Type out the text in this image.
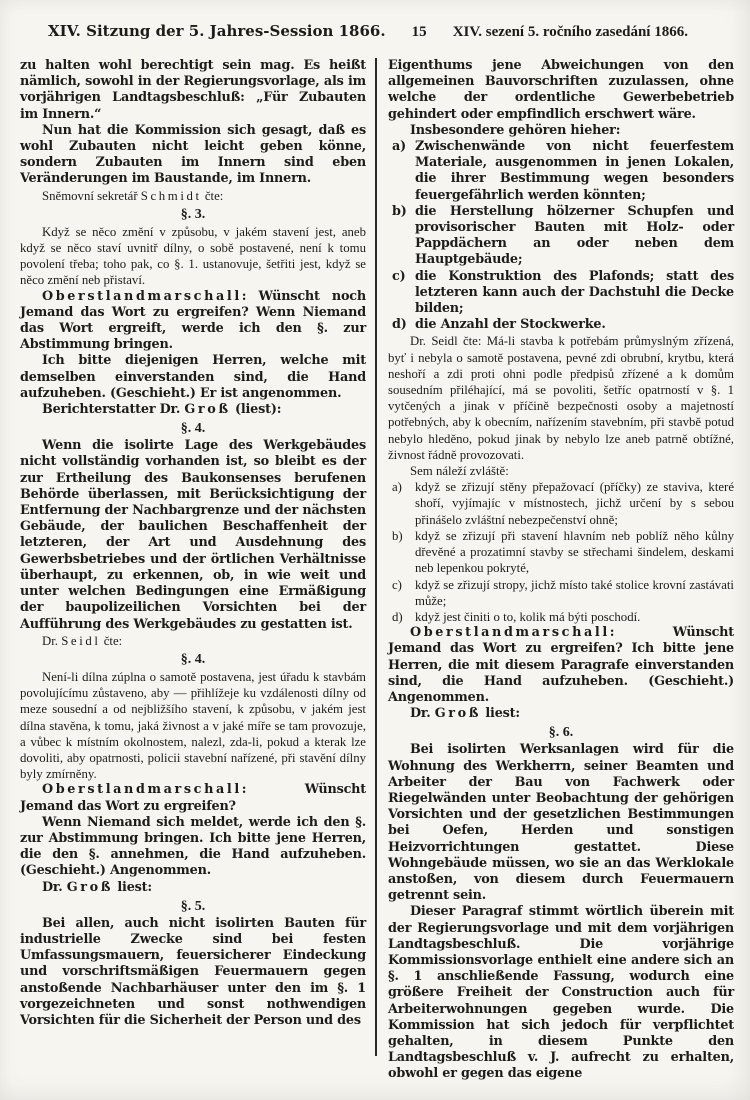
XIV. Sitzung der 5. Jahres-Session 1866.	15	XIV. sezení 5. ročního zasedání 1866.
zu halten wohl berechtigt sein mag. Es heißt nämlich, sowohl in der Regierungsvorlage, als im vorjährigen Landtagsbeschluß: „Für Zubauten im Innern.“
Nun hat die Kommission sich gesagt, daß es wohl Zubauten nicht leicht geben könne, sondern Zubauten im Innern sind eben Veränderungen im Baustande, im Innern.
Sněmovní sekretář Schmidt čte:
§. 3.
Když se něco změní v způsobu, v jakém stavení jest, aneb když se něco staví uvnitř dílny, o sobě postavené, není k tomu povolení třeba; toho pak, co §. 1. ustanovuje, šetřiti jest, když se něco změní neb přistaví.
Oberstlandmarschall: Wünscht noch Jemand das Wort zu ergreifen? Wenn Niemand das Wort ergreift, werde ich den §. zur Abstimmung bringen.
Ich bitte diejenigen Herren, welche mit demselben einverstanden sind, die Hand aufzuheben. (Geschieht.) Er ist angenommen.
Berichterstatter Dr. Groß (liest):
§. 4.
Wenn die isolirte Lage des Werkgebäudes nicht vollständig vorhanden ist, so bleibt es der zur Ertheilung des Baukonsenses berufenen Behörde überlassen, mit Berücksichtigung der Entfernung der Nachbargrenze und der nächsten Gebäude, der baulichen Beschaffenheit der letzteren, der Art und Ausdehnung des Gewerbsbetriebes und der örtlichen Verhältnisse überhaupt, zu erkennen, ob, in wie weit und unter welchen Bedingungen eine Ermäßigung der baupolizeilichen Vorsichten bei der Aufführung des Werkgebäudes zu gestatten ist.
Dr. Seidl čte:
§. 4.
Není-li dílna zúplna o samotě postavena, jest úřadu k stavbám povolujícímu zůstaveno, aby — přihlížeje ku vzdálenosti dílny od meze sousední a od nejbližšího stavení, k způsobu, v jakém jest dílna stavěna, k tomu, jaká živnost a v jaké míře se tam provozuje, a vůbec k místním okolnostem, nalezl, zda-li, pokud a kterak lze dovoliti, aby opatrnosti, policii stavební nařízené, při stavění dílny byly zmírněny.
Oberstlandmarschall: Wünscht Jemand das Wort zu ergreifen?
Wenn Niemand sich meldet, werde ich den §. zur Abstimmung bringen. Ich bitte jene Herren, die den §. annehmen, die Hand aufzuheben. (Geschieht.) Angenommen.
Dr. Groß liest:
§. 5.
Bei allen, auch nicht isolirten Bauten für industrielle Zwecke sind bei festen Umfassungsmauern, feuersicherer Eindeckung und vorschriftsmäßigen Feuermauern gegen anstoßende Nachbarhäuser unter den im §. 1 vorgezeichneten und sonst nothwendigen Vorsichten für die Sicherheit der Person und des
Eigenthums jene Abweichungen von den allgemeinen Bauvorschriften zuzulassen, ohne welche der ordentliche Gewerbebetrieb gehindert oder empfindlich erschwert wäre.
Insbesondere gehören hieher:
a) Zwischenwände von nicht feuerfestem Materiale, ausgenommen in jenen Lokalen, die ihrer Bestimmung wegen besonders feuergefährlich werden könnten;
b) die Herstellung hölzerner Schupfen und provisorischer Bauten mit Holz- oder Pappdächern an oder neben dem Hauptgebäude;
c) die Konstruktion des Plafonds; statt des letzteren kann auch der Dachstuhl die Decke bilden;
d) die Anzahl der Stockwerke.
Dr. Seidl čte: Má-li stavba k potřebám průmyslným zřízená, byť i nebyla o samotě postavena, pevné zdi obrubní, krytbu, která neshoří a zdi proti ohni podle předpisů zřízené a k domům sousedním přiléhající, má se povoliti, šetříc opatrností v §. 1 vytčených a jinak v příčině bezpečnosti osoby a majetností potřebných, aby k obecním, nařízením stavebním, při stavbě potud nebylo hleděno, pokud jinak by nebylo lze aneb patrně obtížné, živnost řádně provozovati.
Sem náleží zvláště:
a) když se zřizují stěny přepažovací (příčky) ze staviva, které shoří, vyjímajíc v místnostech, jichž určení by s sebou přinášelo zvláštní nebezpečenství ohně;
b) když se zřizují při stavení hlavním neb poblíž něho kůlny dřevěné a prozatimní stavby se střechami šindelem, deskami neb lepenkou pokryté,
c) když se zřizují stropy, jichž místo také stolice krovní zastávati může;
d) když jest činiti o to, kolik má býti poschodí.
Oberstlandmarschall: Wünscht Jemand das Wort zu ergreifen? Ich bitte jene Herren, die mit diesem Paragrafe einverstanden sind, die Hand aufzuheben. (Geschieht.) Angenommen.
Dr. Groß liest:
§. 6.
Bei isolirten Werksanlagen wird für die Wohnung des Werkherrn, seiner Beamten und Arbeiter der Bau von Fachwerk oder Riegelwänden unter Beobachtung der gehörigen Vorsichten und der gesetzlichen Bestimmungen bei Oefen, Herden und sonstigen Heizvorrichtungen gestattet. Diese Wohngebäude müssen, wo sie an das Werklokale anstoßen, von diesem durch Feuermauern getrennt sein.
Dieser Paragraf stimmt wörtlich überein mit der Regierungsvorlage und mit dem vorjährigen Landtagsbeschluß. Die vorjährige Kommissionsvorlage enthielt eine andere sich an §. 1 anschließende Fassung, wodurch eine größere Freiheit der Construction auch für Arbeiterwohnungen gegeben wurde. Die Kommission hat sich jedoch für verpflichtet gehalten, in diesem Punkte den Landtagsbeschluß v. J. aufrecht zu erhalten, obwohl er gegen das eigene
